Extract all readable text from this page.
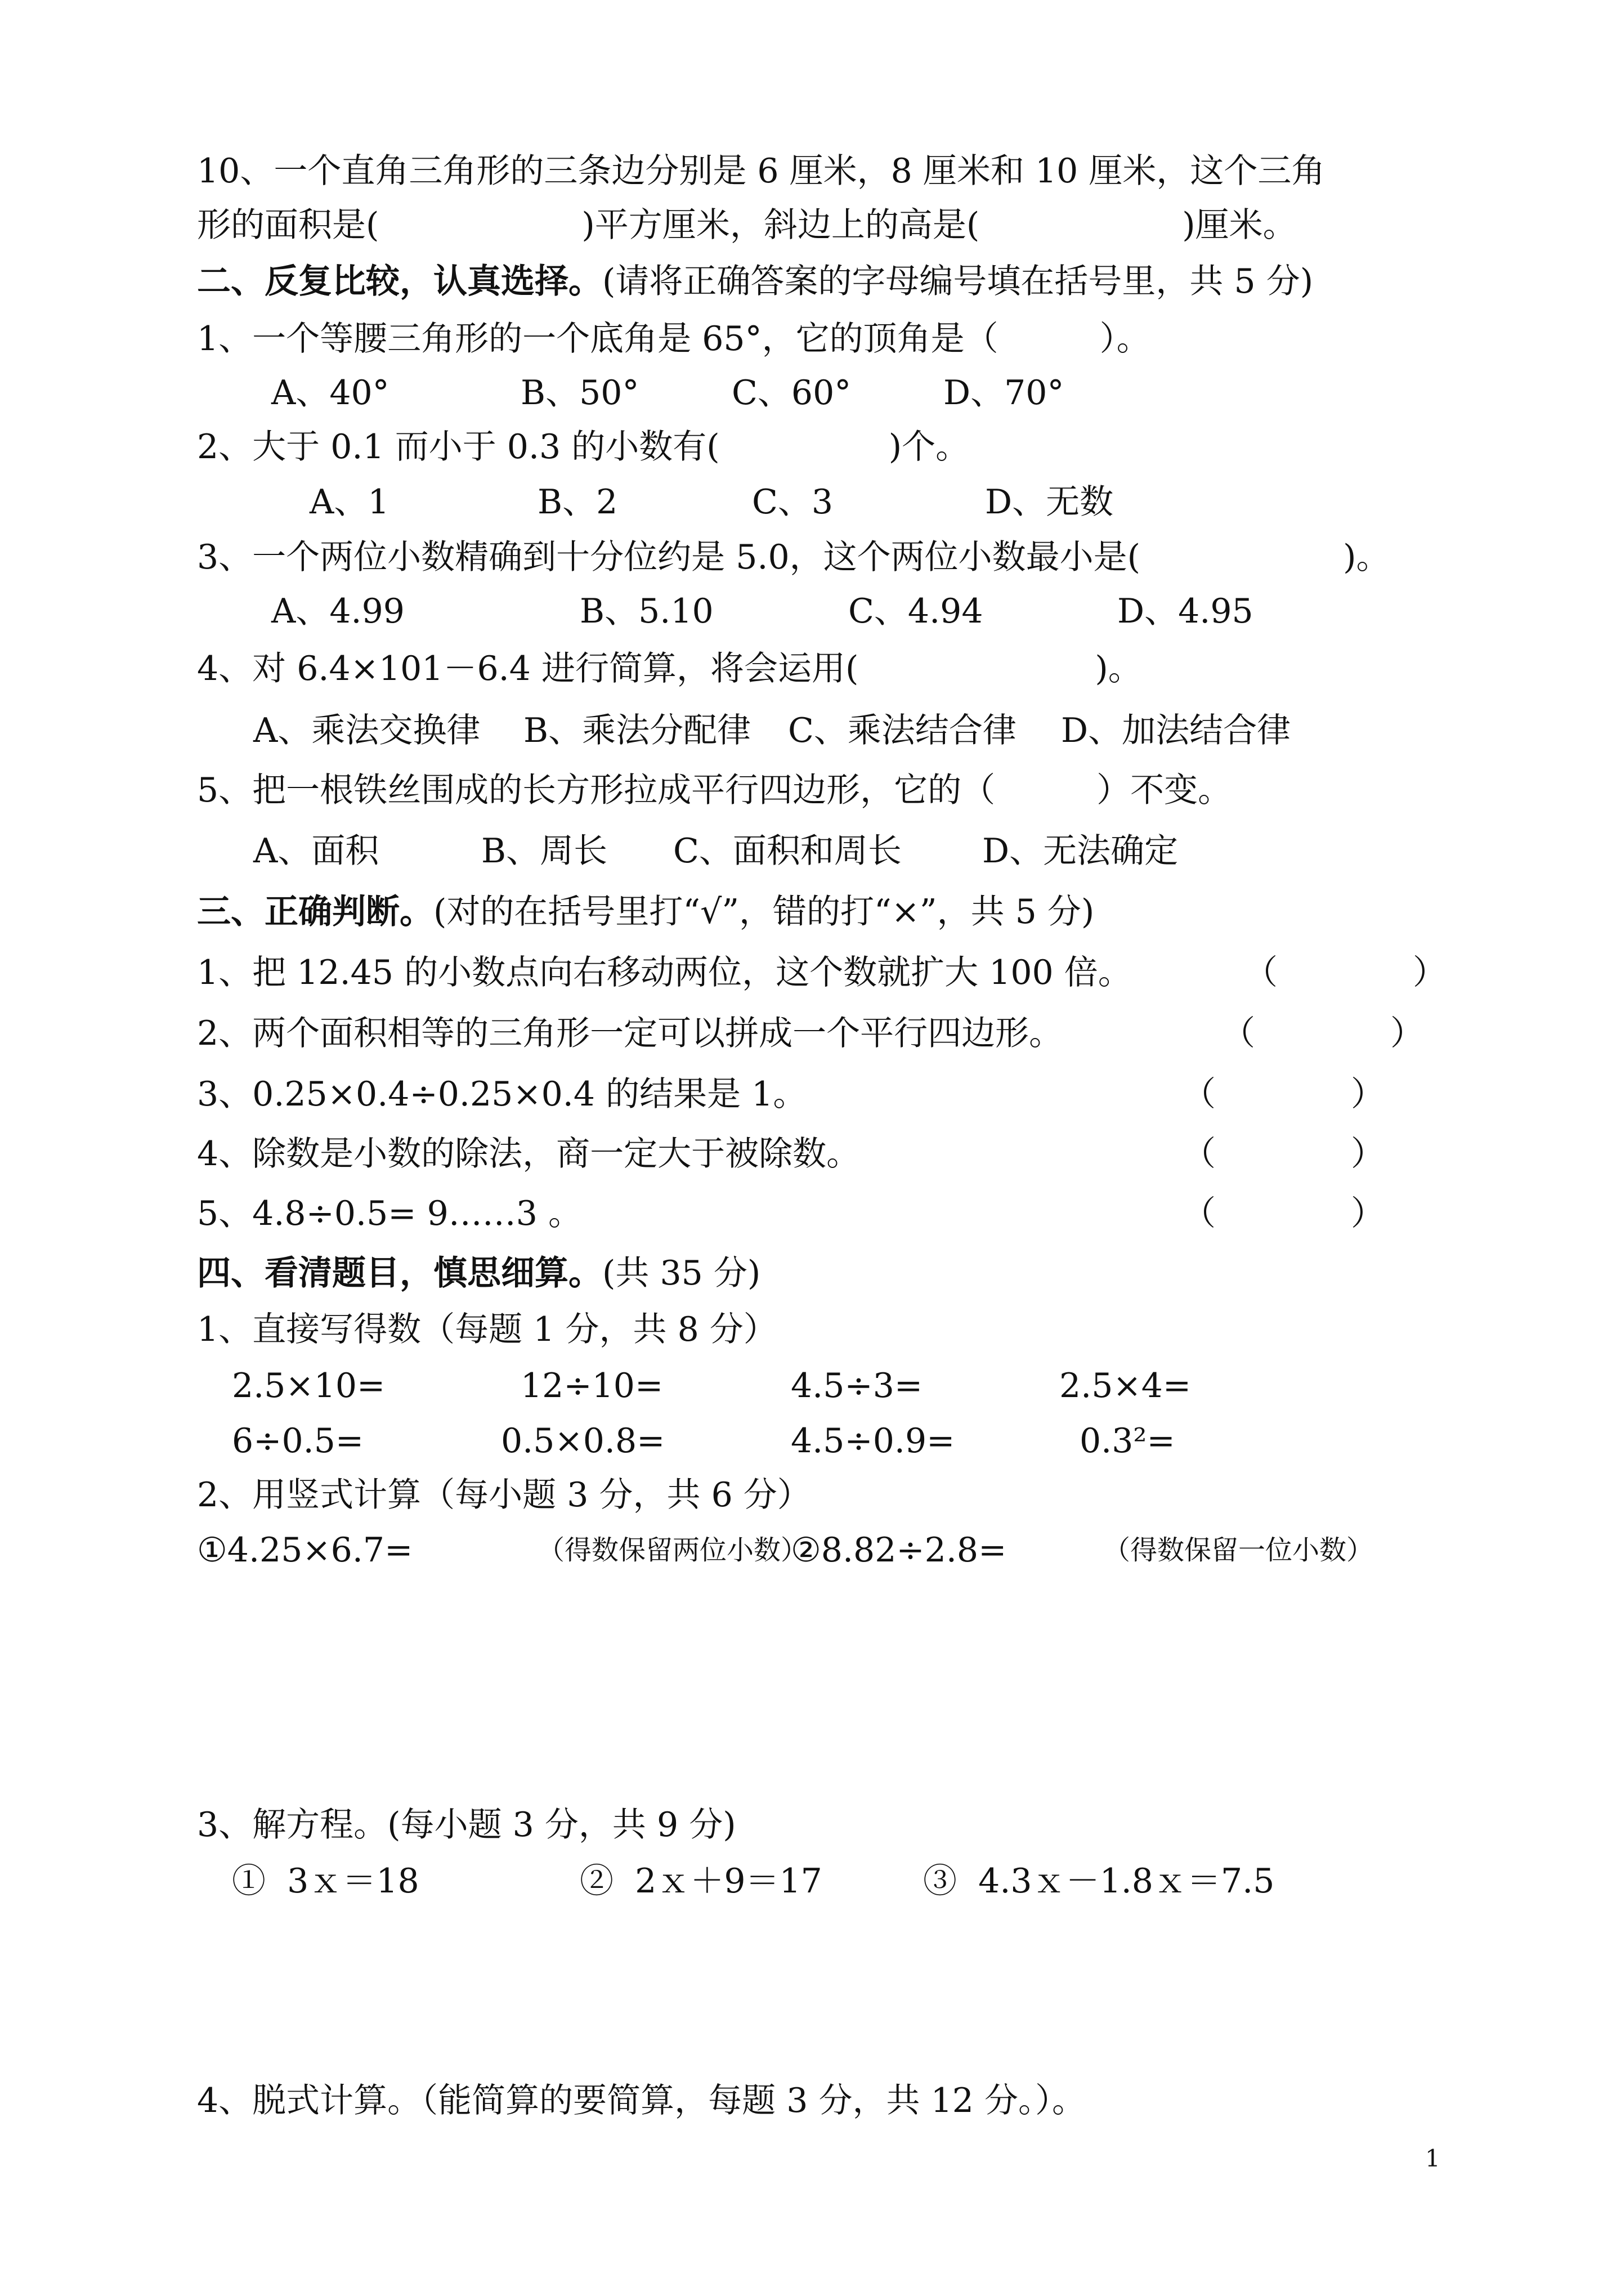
10、一个直角三角形的三条边分别是 6 厘米，8 厘米和 10 厘米，这个三角
形的面积是(　　　　　　)平方厘米，斜边上的高是(　　　　　　)厘米。
二、反复比较，认真选择。(请将正确答案的字母编号填在括号里，共 5 分)
1、一个等腰三角形的一个底角是 65°，它的顶角是（　　　）。
A、40°	B、50°	C、60°	D、70°
2、大于 0.1 而小于 0.3 的小数有(　　　　　)个。
A、1	B、2	C、3	D、无数
3、一个两位小数精确到十分位约是 5.0，这个两位小数最小是(　　　　　　)。
A、4.99	B、5.10	C、4.94	D、4.95
4、对 6.4×101－6.4 进行简算，将会运用(　　　　　　　)。
A、乘法交换律 B、乘法分配律 C、乘法结合律 D、加法结合律
5、把一根铁丝围成的长方形拉成平行四边形，它的（　　　）不变。
A、面积	B、周长 C、面积和周长 D、无法确定
三、正确判断。(对的在括号里打“√”，错的打“×”，共 5 分)
1、把 12.45 的小数点向右移动两位，这个数就扩大 100 倍。	（　　　　）
2、两个面积相等的三角形一定可以拼成一个平行四边形。	（　　　　）
3、0.25×0.4÷0.25×0.4 的结果是 1。	（　　　　）
4、除数是小数的除法，商一定大于被除数。	（　　　　）
5、4.8÷0.5= 9……3 。	（　　　　）
四、看清题目，慎思细算。(共 35 分)
1、直接写得数（每题 1 分，共 8 分）
2.5×10=	12÷10=	4.5÷3=	2.5×4=
6÷0.5=	0.5×0.8=	4.5÷0.9=	0.3²=
2、用竖式计算（每小题 3 分，共 6 分）
①4.25×6.7=	（得数保留两位小数）
②8.82÷2.8=	（得数保留一位小数）
3、解方程。(每小题 3 分，共 9 分)
①  3ｘ＝18	②  2ｘ＋9＝17	③  4.3ｘ－1.8ｘ＝7.5
4、脱式计算。（能简算的要简算，每题 3 分，共 12 分。）。
1
